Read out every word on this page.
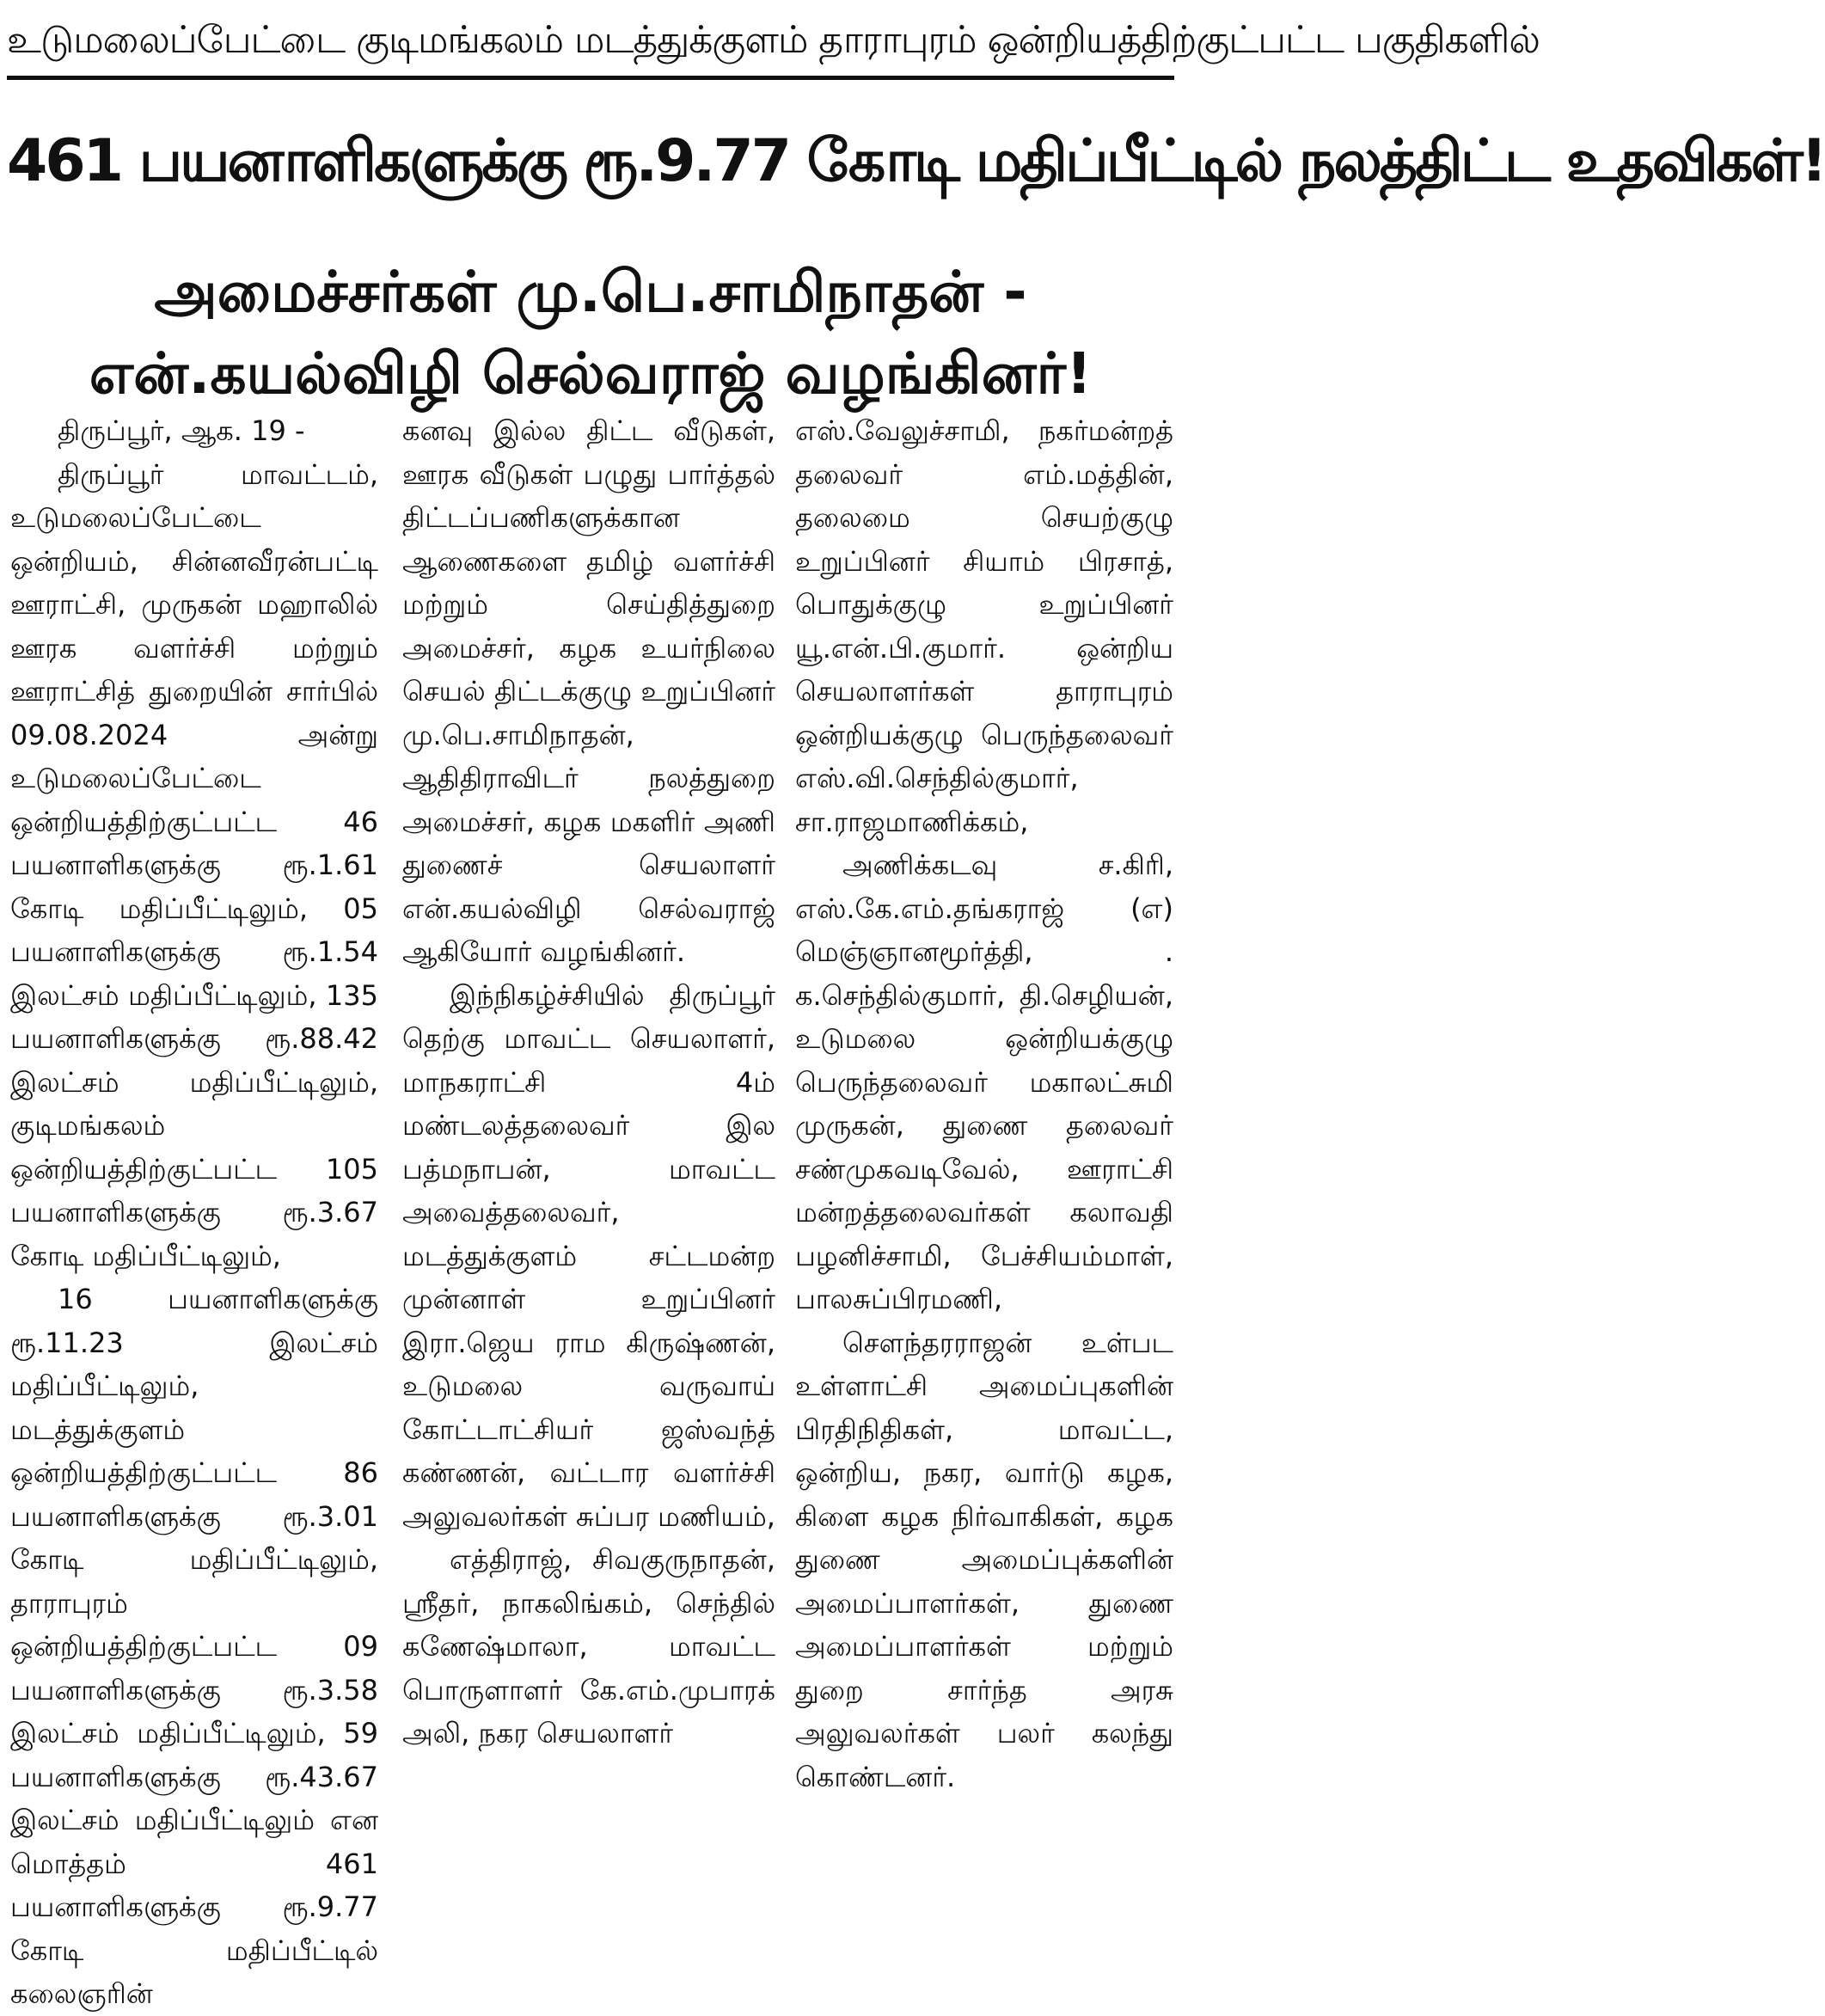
உடுமலைப்பேட்டை குடிமங்கலம் மடத்துக்குளம் தாராபுரம் ஒன்றியத்திற்குட்பட்ட பகுதிகளில்
461 பயனாளிகளுக்கு ரூ.9.77 கோடி மதிப்பீட்டில் நலத்திட்ட உதவிகள்!
அமைச்சர்கள் மு.பெ.சாமிநாதன் -
என்.கயல்விழி செல்வராஜ் வழங்கினர்!

திருப்பூர், ஆக. 19 -

திருப்பூர் மாவட்டம், உடுமலைப்பேட்டை ஒன்றியம், சின்னவீரன்பட்டி ஊராட்சி, முருகன் மஹாலில் ஊரக வளர்ச்சி மற்றும் ஊராட்சித் துறையின் சார்பில் 09.08.2024 அன்று உடுமலைப்பேட்டை ஒன்றியத்திற்குட்பட்ட 46 பயனாளிகளுக்கு ரூ.1.61 கோடி மதிப்பீட்டிலும், 05 பயனாளிகளுக்கு ரூ.1.54 இலட்சம் மதிப்பீட்டிலும், 135 பயனாளிகளுக்கு ரூ.88.42 இலட்சம் மதிப்பீட்டிலும், குடிமங்கலம் ஒன்றியத்திற்குட்பட்ட 105 பயனாளிகளுக்கு ரூ.3.67 கோடி மதிப்பீட்டிலும்,

16 பயனாளிகளுக்கு ரூ.11.23 இலட்சம் மதிப்பீட்டிலும், மடத்துக்குளம் ஒன்றியத்திற்குட்பட்ட 86 பயனாளிகளுக்கு ரூ.3.01 கோடி மதிப்பீட்டிலும், தாராபுரம் ஒன்றியத்திற்குட்பட்ட 09 பயனாளிகளுக்கு ரூ.3.58 இலட்சம் மதிப்பீட்டிலும், 59 பயனாளிகளுக்கு ரூ.43.67 இலட்சம் மதிப்பீட்டிலும் என மொத்தம் 461 பயனாளிகளுக்கு ரூ.9.77 கோடி மதிப்பீட்டில் கலைஞரின்

கனவு இல்ல திட்ட வீடுகள், ஊரக வீடுகள் பழுது பார்த்தல் திட்டப்பணிகளுக்கான ஆணைகளை தமிழ் வளர்ச்சி மற்றும் செய்தித்துறை அமைச்சர், கழக உயர்நிலை செயல் திட்டக்குழு உறுப்பினர் மு.பெ.சாமிநாதன், ஆதிதிராவிடர் நலத்துறை அமைச்சர், கழக மகளிர் அணி துணைச் செயலாளர் என்.கயல்விழி செல்வராஜ் ஆகியோர் வழங்கினர்.

இந்நிகழ்ச்சியில் திருப்பூர் தெற்கு மாவட்ட செயலாளர், மாநகராட்சி 4ம் மண்டலத்தலைவர் இல பத்மநாபன், மாவட்ட அவைத்தலைவர், மடத்துக்குளம் சட்டமன்ற முன்னாள் உறுப்பினர் இரா.ஜெய ராம கிருஷ்ணன், உடுமலை வருவாய் கோட்டாட்சியர் ஜஸ்வந்த் கண்ணன், வட்டார வளர்ச்சி அலுவலர்கள் சுப்பர மணியம்,

எத்திராஜ், சிவகுருநாதன், ஸ்ரீதர், நாகலிங்கம், செந்தில் கணேஷ்மாலா, மாவட்ட பொருளாளர் கே.எம்.முபாரக் அலி, நகர செயலாளர்

எஸ்.வேலுச்சாமி, நகர்மன்றத் தலைவர் எம்.மத்தின், தலைமை செயற்குழு உறுப்பினர் சியாம் பிரசாத், பொதுக்குழு உறுப்பினர் யூ.என்.பி.குமார். ஒன்றிய செயலாளர்கள் தாராபுரம் ஒன்றியக்குழு பெருந்தலைவர் எஸ்.வி.செந்தில்குமார், சா.ராஜமாணிக்கம்,

அணிக்கடவு ச.கிரி, எஸ்.கே.எம்.தங்கராஜ் (எ) மெஞ்ஞானமூர்த்தி, . க.செந்தில்குமார், தி.செழியன், உடுமலை ஒன்றியக்குழு பெருந்தலைவர் மகாலட்சுமி முருகன், துணை தலைவர் சண்முகவடிவேல், ஊராட்சி மன்றத்தலைவர்கள் கலாவதி பழனிச்சாமி, பேச்சியம்மாள், பாலசுப்பிரமணி,

சௌந்தரராஜன் உள்பட உள்ளாட்சி அமைப்புகளின் பிரதிநிதிகள், மாவட்ட, ஒன்றிய, நகர, வார்டு கழக, கிளை கழக நிர்வாகிகள், கழக துணை அமைப்புக்களின் அமைப்பாளர்கள், துணை அமைப்பாளர்கள் மற்றும் துறை சார்ந்த அரசு அலுவலர்கள் பலர் கலந்து கொண்டனர்.
